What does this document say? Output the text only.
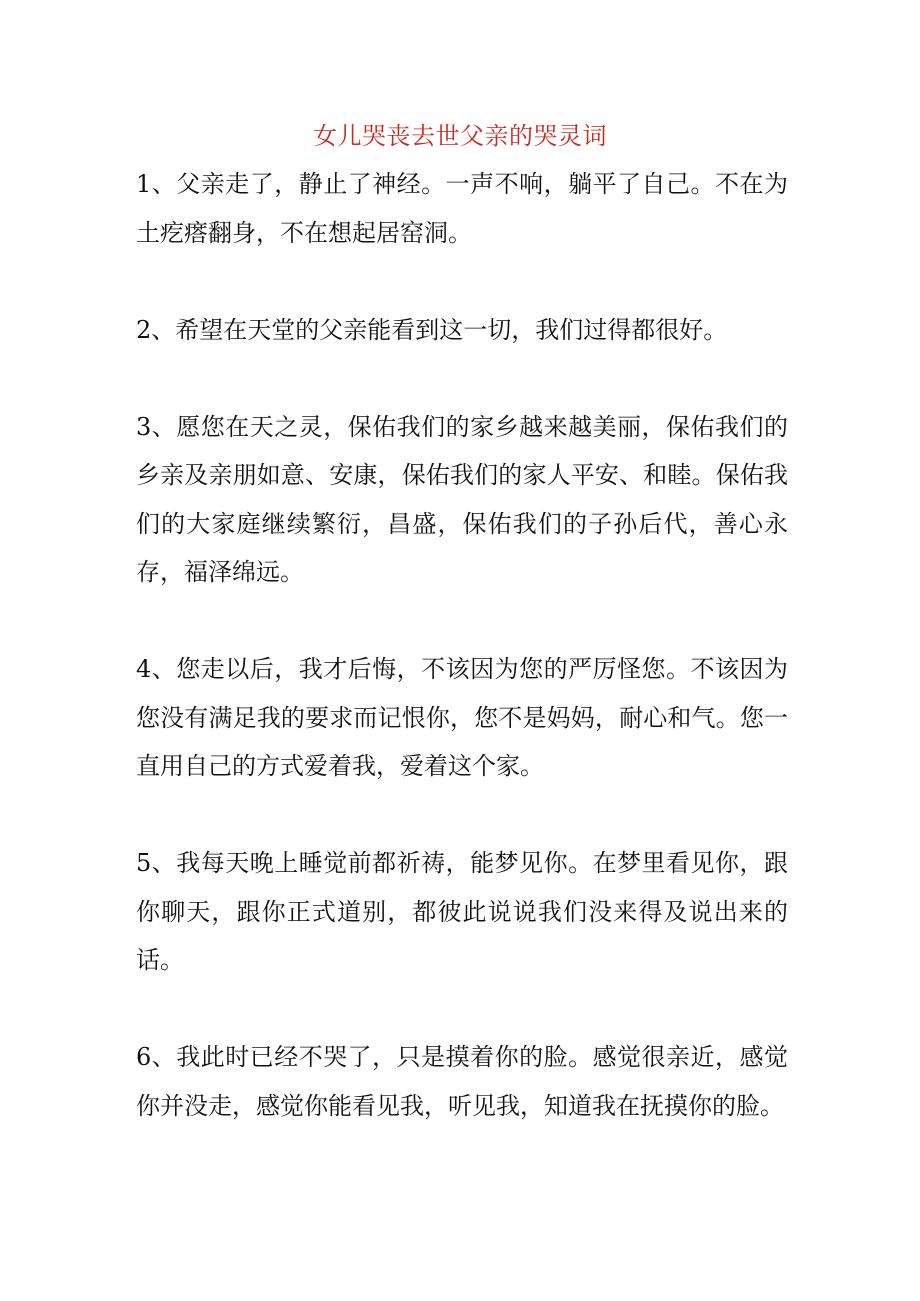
女儿哭丧去世父亲的哭灵词

1、父亲走了，静止了神经。一声不响，躺平了自己。不在为土疙瘩翻身，不在想起居窑洞。

2、希望在天堂的父亲能看到这一切，我们过得都很好。

3、愿您在天之灵，保佑我们的家乡越来越美丽，保佑我们的乡亲及亲朋如意、安康，保佑我们的家人平安、和睦。保佑我们的大家庭继续繁衍，昌盛，保佑我们的子孙后代，善心永存，福泽绵远。

4、您走以后，我才后悔，不该因为您的严厉怪您。不该因为您没有满足我的要求而记恨你，您不是妈妈，耐心和气。您一直用自己的方式爱着我，爱着这个家。

5、我每天晚上睡觉前都祈祷，能梦见你。在梦里看见你，跟你聊天，跟你正式道别，都彼此说说我们没来得及说出来的话。

6、我此时已经不哭了，只是摸着你的脸。感觉很亲近，感觉你并没走，感觉你能看见我，听见我，知道我在抚摸你的脸。
